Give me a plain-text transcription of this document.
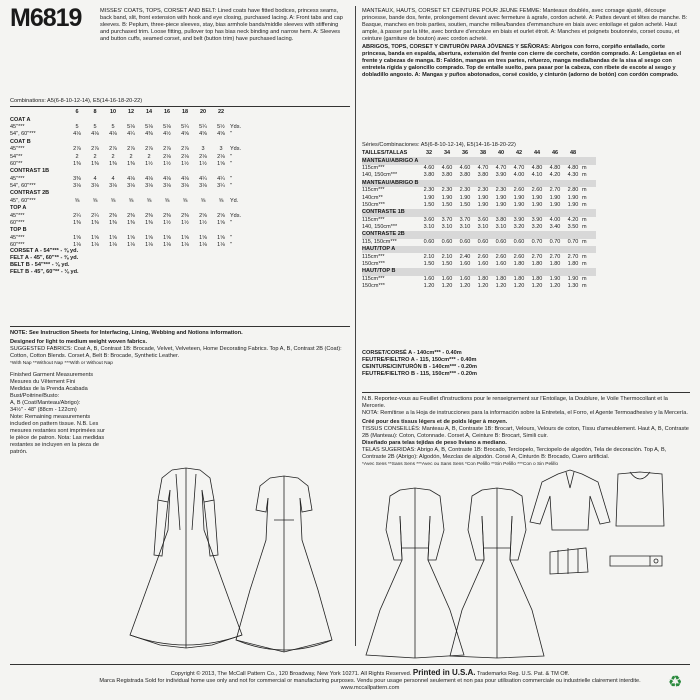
M6819	MISSES' COATS, TOPS, CORSET AND BELT: Lined coats have fitted bodices, princess seams, back band, slit, front extension with hook and eye closing, purchased lacing. A: Front tabs and cap sleeves. B: Peplum, three-piece sleeves, stay, bias armhole bands/middle sleeves with stiffening and purchased trim. Loose fitting, pullover top has bias neck binding and narrow hem. A: Sleeves and button cuffs, seamed corset, and belt (button trim) have purchased lacing.
MANTEAUX, HAUTS, CORSET ET CEINTURE POUR JEUNE FEMME: Manteaux doublés, avec corsage ajusté, découpe princesse, bande dos, fente, prolongement devant avec fermeture à agrafe, cordon acheté. A: Pattes devant et têtes de manche. B: Basque, manches en trois parties, soutien, manche milieu/bandes d'emmanchure en biais avec entoilage et galon acheté. Haut ample, à passer par la tête, avec bordure d'encolure en biais et ourlet étroit. A: Manches et poignets boutonnés, corset cousu, et ceinture (garniture de bouton) avec cordon acheté.
ABRIGOS, TOPS, CORSET Y CINTURÓN PARA JÓVENES Y SEÑORAS: Abrigos con forro, corpiño entallado, corte princesa, banda en espalda, abertura, extensión del frente con cierre de corchete, cordón comprado. A: Lengüetas en el frente y cabezas de manga. B: Faldón, mangas en tres partes, refuerzo, manga media/bandas de la sisa al sesgo con entretela rígida y galoncillo comprado. Top de entalle suelto, para pasar por la cabeza, con ribete de escote al sesgo y dobladillo angosto. A: Mangas y puños abotonados, corsé cosido, y cinturón (adorno de botón) con cordón comprado.
Combinations: A5(6-8-10-12-14), E5(14-16-18-20-22)
	6	8	10	12	14	16	18	20	22	
COAT A										
45"***	5	5	5	5⅛	5⅛	5⅛	5¼	5¼	5½	Yds.
54", 60"***	4⅛	4⅛	4⅛	4¼	4⅜	4½	4⅝	4⅝	4⅝	"
COAT B										
45"***	2⅞	2⅞	2⅞	2⅞	2⅞	2⅞	2⅞	3	3	Yds.
54"**	2	2	2	2	2	2⅛	2⅛	2⅛	2⅛	"
60"**	1⅜	1⅜	1⅜	1⅜	1½	1½	1½	1½	1⅝	"
CONTRAST 1B										
45"***	3⅜	4	4	4⅛	4⅛	4⅛	4⅛	4¼	4¼	"
54", 60"***	3⅛	3⅛	3⅛	3⅛	3⅛	3⅛	3⅛	3⅛	3¼	"
CONTRAST 2B										
45", 60"***	⅝	⅝	⅝	⅝	⅝	⅝	⅝	⅝	⅝	Yd.
TOP A										
45"***	2¼	2¼	2⅜	2⅜	2⅜	2⅜	2⅜	2⅝	2⅝	Yds.
60"***	1⅜	1⅜	1⅜	1⅜	1⅜	1½	1½	1½	1⅝	"
TOP B										
45"***	1⅝	1⅝	1⅝	1⅝	1⅝	1⅝	1⅝	1⅝	1⅝	"
60"***	1⅛	1⅛	1⅛	1⅛	1⅛	1⅛	1⅛	1⅛	1⅛	"
CORSET A - 54"*** - ⅜ yd.
FELT A - 45", 60"** - ⅜ yd.
BELT B - 54"*** - ⅛ yd.
FELT B - 45", 60"** - ⅛ yd.
NOTE: See Instruction Sheets for Interfacing, Lining, Webbing and Notions information.
Designed for light to medium weight woven fabrics.
SUGGESTED FABRICS: Coat A, B, Contrast 1B: Brocade, Velvet, Velveteen, Home Decorating Fabrics. Top A, B, Contrast 2B (Coat): Cotton, Cotton Blends. Corset A, Belt B: Brocade, Synthetic Leather.
*With Nap **Without Nap ***With or Without Nap
Finished Garment Measurements
Mesures du Vêtement Fini
Medidas de la Prenda Acabada
Bust/Poitrine/Busto:
A, B (Coat/Manteau/Abrigo):
34½" - 48" (88cm - 122cm)
Note: Remaining measurements included on pattern tissue. N.B. Les mesures restantes sont imprimées sur le pièce de patron. Nota: Las medidas restantes se incluyen en la pieza de patrón.
Séries/Combinaciones: A5(6-8-10-12-14), E5(14-16-18-20-22)
TAILLES/TALLAS	32	34	36	38	40	42	44	46	48	
MANTEAU/ABRIGO A										
115cm***	4.60	4.60	4.60	4.70	4.70	4.70	4.80	4.80	4.80	m
140, 150cm***	3.80	3.80	3.80	3.80	3.90	4.00	4.10	4.20	4.30	m
MANTEAU/ABRIGO B										
115cm***	2.30	2.30	2.30	2.30	2.30	2.60	2.60	2.70	2.80	m
140cm**	1.90	1.90	1.90	1.90	1.90	1.90	1.90	1.90	1.90	m
150cm***	1.50	1.50	1.50	1.90	1.90	1.90	1.90	1.90	1.90	m
CONTRASTE 1B										
115cm***	3.60	3.70	3.70	3.60	3.80	3.90	3.90	4.00	4.20	m
140, 150cm***	3.10	3.10	3.10	3.10	3.10	3.20	3.20	3.40	3.50	m
CONTRASTE 2B										
115, 150cm***	0.60	0.60	0.60	0.60	0.60	0.60	0.70	0.70	0.70	m
HAUT/TOP A										
115cm***	2.10	2.10	2.40	2.60	2.60	2.60	2.70	2.70	2.70	m
150cm***	1.50	1.50	1.60	1.60	1.60	1.80	1.80	1.80	1.80	m
HAUT/TOP B										
115cm***	1.60	1.60	1.60	1.80	1.80	1.80	1.80	1.90	1.90	m
150cm***	1.20	1.20	1.20	1.20	1.20	1.20	1.20	1.20	1.30	m
CORSET/CORSÉ A - 140cm*** - 0.40m
FEUTRE/FIELTRO A - 115, 150cm*** - 0.40m
CEINTURE/CINTURÓN B - 140cm*** - 0.20m
FEUTRE/FIELTRO B - 115, 150cm*** - 0.20m
N.B. Reportez-vous au Feuillet d'instructions pour le renseignement sur l'Entoilage, la Doublure, le Voile Thermocollant et la Mercerie.
NOTA: Remítirse a la Hoja de instrucciones para la información sobre la Entretela, el Forro, el Agente Termoadhesivo y la Mercería.
Créé pour des tissus légers et de poids léger à moyen.
TISSUS CONSEILLÉS: Manteau A, B, Contraste 1B: Brocart, Velours, Velours de coton, Tissu d'ameublement. Haut A, B, Contraste 2B (Manteau): Coton, Cotonnade. Corset A, Ceinture B: Brocart, Simili cuir.
Diseñado para telas tejidas de peso liviano a mediano.
TELAS SUGERIDAS: Abrigo A, B, Contraste 1B: Brocado, Terciopelo, Terciopelo de algodón, Tela de decoración. Top A, B, Contraste 2B (Abrigo): Algodón, Mezclas de algodón. Corsé A, Cinturón B: Brocado, Cuero artificial.
*Avec Sens **Sans Sens ***Avec ou Sans Sens *Con Pelillo **Sin Pelillo ***Con o Sin Pelillo
Copyright © 2013, The McCall Pattern Co., 120 Broadway, New York 10271. All Rights Reserved. Printed in U.S.A. Trademarks Reg. U.S. Pat. & TM Off.
Marca Registrada Sold for individual home use only and not for commercial or manufacturing purposes. Vendu pour usage personnel seulement et non pas pour utilisation commerciale ou industrielle clairement interdite. www.mccallpattern.com	♻
